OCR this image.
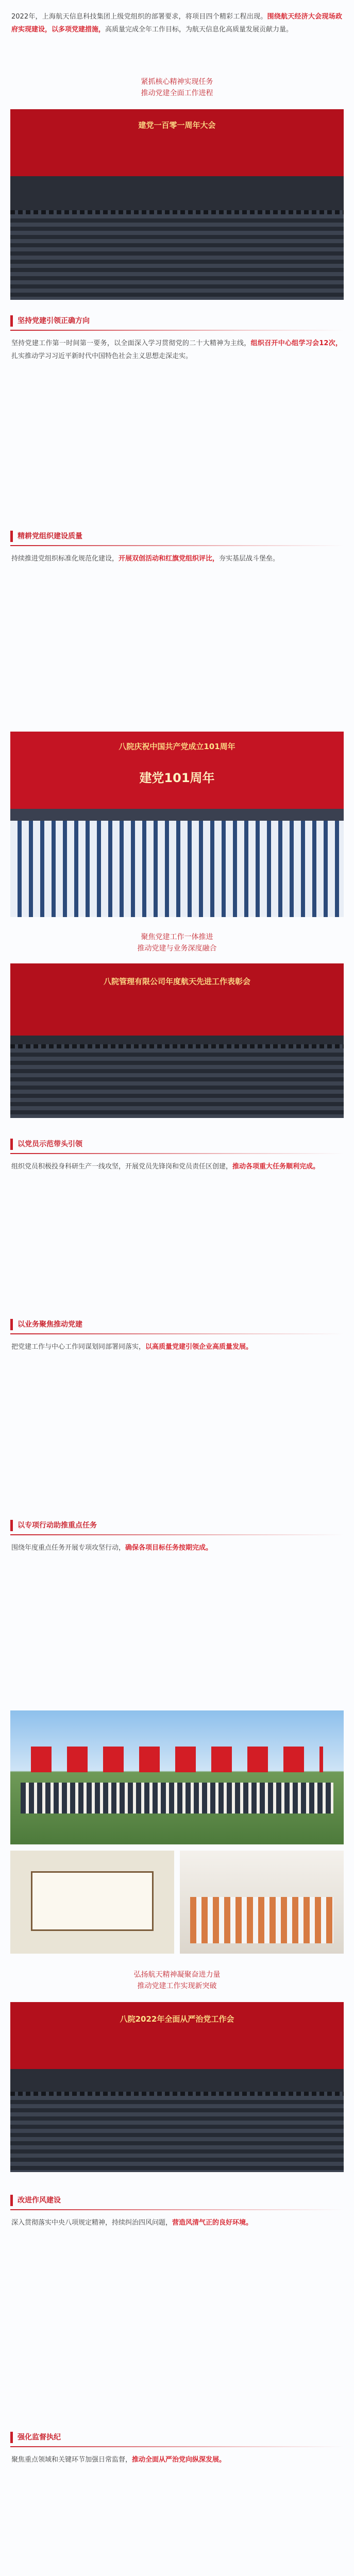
2022年，上海航天信息科技集团上级党组织的部署要求，将项目四个精彩工程出现。围绕航天经济大会现场政府实现建设，以多项党建措施，高质量完成全年工作目标，为航天信息化高质量发展贡献力量。

紧抓核心精神实现任务
推动党建全面工作进程
建党一百零一周年大会
坚持党建引领正确方向

坚持党建工作第一时间第一要务，以全面深入学习贯彻党的二十大精神为主线，组织召开中心组学习会12次，扎实推动学习习近平新时代中国特色社会主义思想走深走实。

精耕党组织建设质量

持续推进党组织标准化规范化建设，开展双创活动和红旗党组织评比，夯实基层战斗堡垒。

八院庆祝中国共产党成立101周年
建党101周年
聚焦党建工作一体推进
推动党建与业务深度融合
八院管理有限公司年度航天先进工作表彰会
以党员示范带头引领

组织党员积极投身科研生产一线攻坚，开展党员先锋岗和党员责任区创建，推动各项重大任务顺利完成。

以业务聚焦推动党建

把党建工作与中心工作同谋划同部署同落实，以高质量党建引领企业高质量发展。

以专项行动助推重点任务

围绕年度重点任务开展专项攻坚行动，确保各项目标任务按期完成。

弘扬航天精神凝聚奋进力量
推动党建工作实现新突破
八院2022年全面从严治党工作会
改进作风建设

深入贯彻落实中央八项规定精神，持续纠治四风问题，营造风清气正的良好环境。

强化监督执纪

聚焦重点领域和关键环节加强日常监督，推动全面从严治党向纵深发展。
